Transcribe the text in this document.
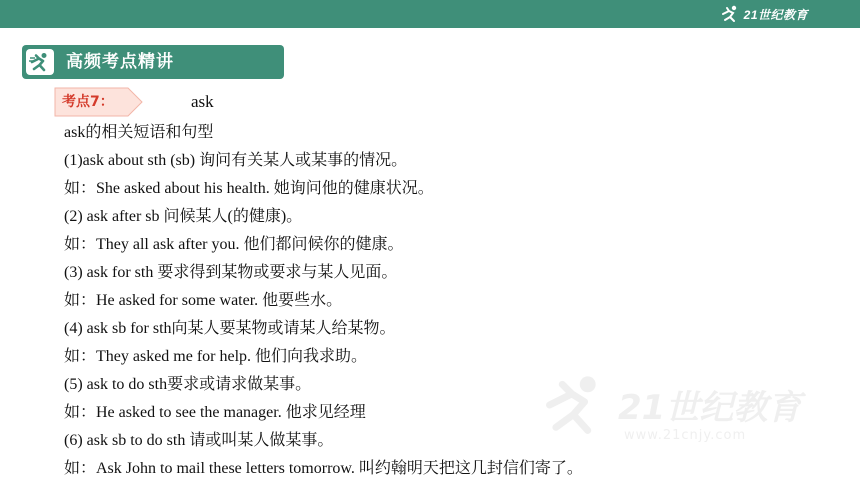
21世纪教育
高频考点精讲
考点7：	ask
ask的相关短语和句型
(1)ask about sth (sb) 询问有关某人或某事的情况。
如：She asked about his health. 她询问他的健康状况。
(2) ask after sb 问候某人(的健康)。
如：They all ask after you. 他们都问候你的健康。
(3) ask for sth 要求得到某物或要求与某人见面。
如：He asked for some water. 他要些水。
(4) ask sb for sth向某人要某物或请某人给某物。
如：They asked me for help. 他们向我求助。
(5) ask to do sth要求或请求做某事。
如：He asked to see the manager. 他求见经理
(6) ask sb to do sth 请或叫某人做某事。
如：Ask John to mail these letters tomorrow. 叫约翰明天把这几封信们寄了。
21世纪教育
www.21cnjy.com
